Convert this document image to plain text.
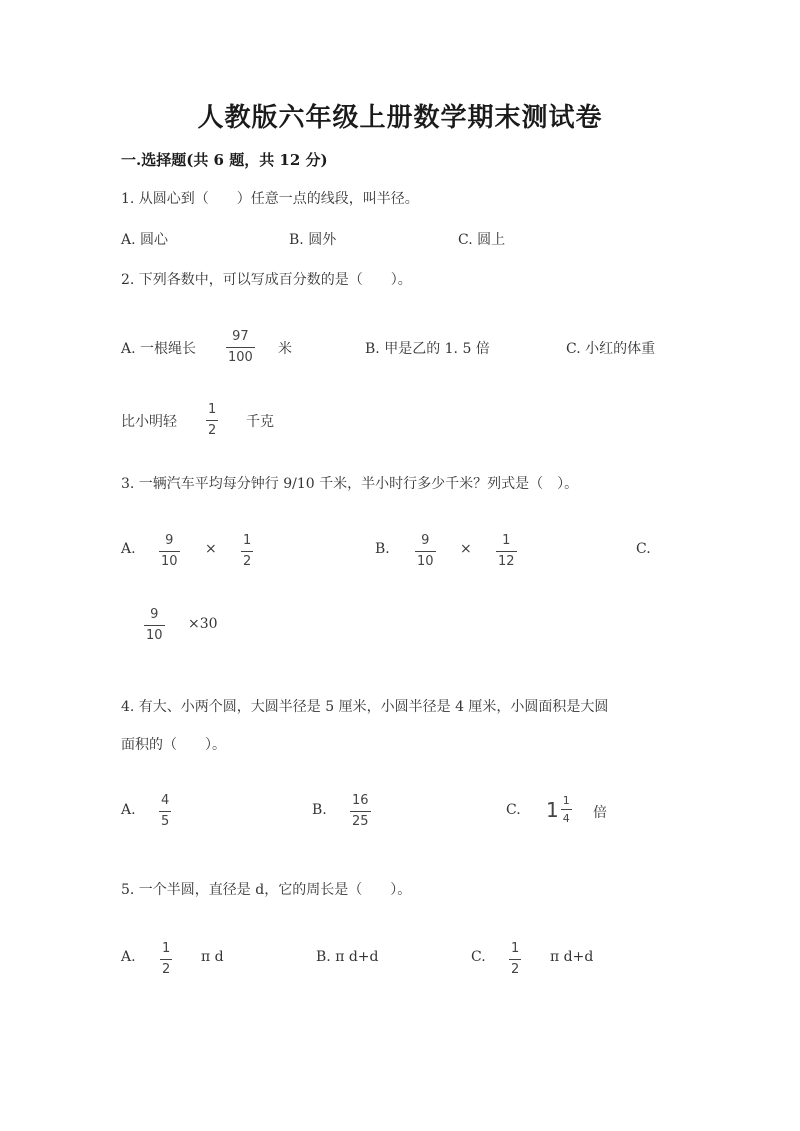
人教版六年级上册数学期末测试卷
一.选择题(共 6 题，共 12 分)
1. 从圆心到（　　）任意一点的线段，叫半径。
A. 圆心	B. 圆外	C. 圆上
2. 下列各数中，可以写成百分数的是（　　）。
A. 一根绳长
97
100
米	B. 甲是乙的 1. 5 倍	C. 小红的体重
比小明轻
1
2
千克
3. 一辆汽车平均每分钟行 9/10 千米，半小时行多少千米？列式是（　）。
A.
9
10
×
1
2
B.
9
10
×
1
12
C.
9
10
×30
4. 有大、小两个圆，大圆半径是 5 厘米，小圆半径是 4 厘米，小圆面积是大圆
面积的（　　）。
A.
4
5
B.
16
25
C. $1 \frac{1}{4}$ 倍
5. 一个半圆，直径是 d，它的周长是（　　）。
A.
1
2
π d	B. π d+d	C.
1
2
π d+d
